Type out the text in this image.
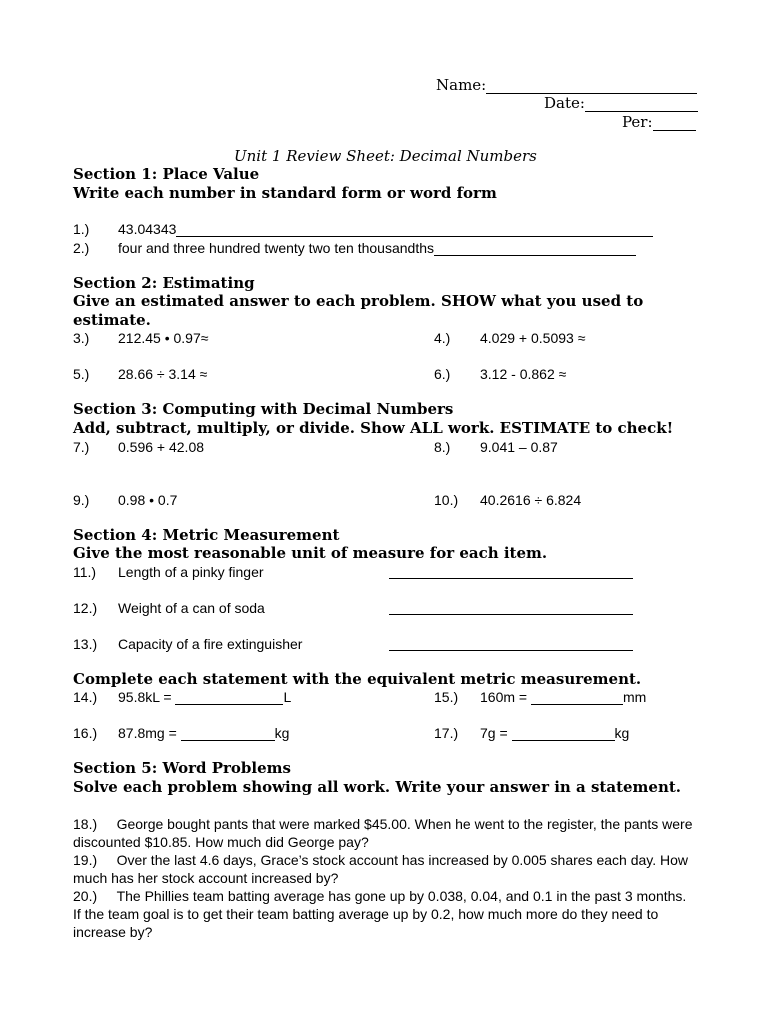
Name:
Date:
Per:
Unit 1 Review Sheet: Decimal Numbers
Section 1: Place Value
Write each number in standard form or word form
1.) 43.04343
2.) four and three hundred twenty two ten thousandths
Section 2: Estimating
Give an estimated answer to each problem. SHOW what you used to
estimate.
3.) 212.45 • 0.97≈	4.) 4.029 + 0.5093 ≈
5.) 28.66 ÷ 3.14 ≈	6.) 3.12 - 0.862 ≈
Section 3: Computing with Decimal Numbers
Add, subtract, multiply, or divide. Show ALL work. ESTIMATE to check!
7.) 0.596 + 42.08	8.) 9.041 – 0.87
9.) 0.98 • 0.7	10.) 40.2616 ÷ 6.824
Section 4: Metric Measurement
Give the most reasonable unit of measure for each item.
11.) Length of a pinky finger
12.) Weight of a can of soda
13.) Capacity of a fire extinguisher
Complete each statement with the equivalent metric measurement.
14.) 95.8kL =	L	15.) 160m =	mm
16.) 87.8mg =	kg	17.) 7g =	kg
Section 5: Word Problems
Solve each problem showing all work. Write your answer in a statement.
18.) George bought pants that were marked $45.00. When he went to the register, the pants were discounted $10.85. How much did George pay?
19.) Over the last 4.6 days, Grace’s stock account has increased by 0.005 shares each day. How much has her stock account increased by?
20.) The Phillies team batting average has gone up by 0.038, 0.04, and 0.1 in the past 3 months. If the team goal is to get their team batting average up by 0.2, how much more do they need to increase by?
